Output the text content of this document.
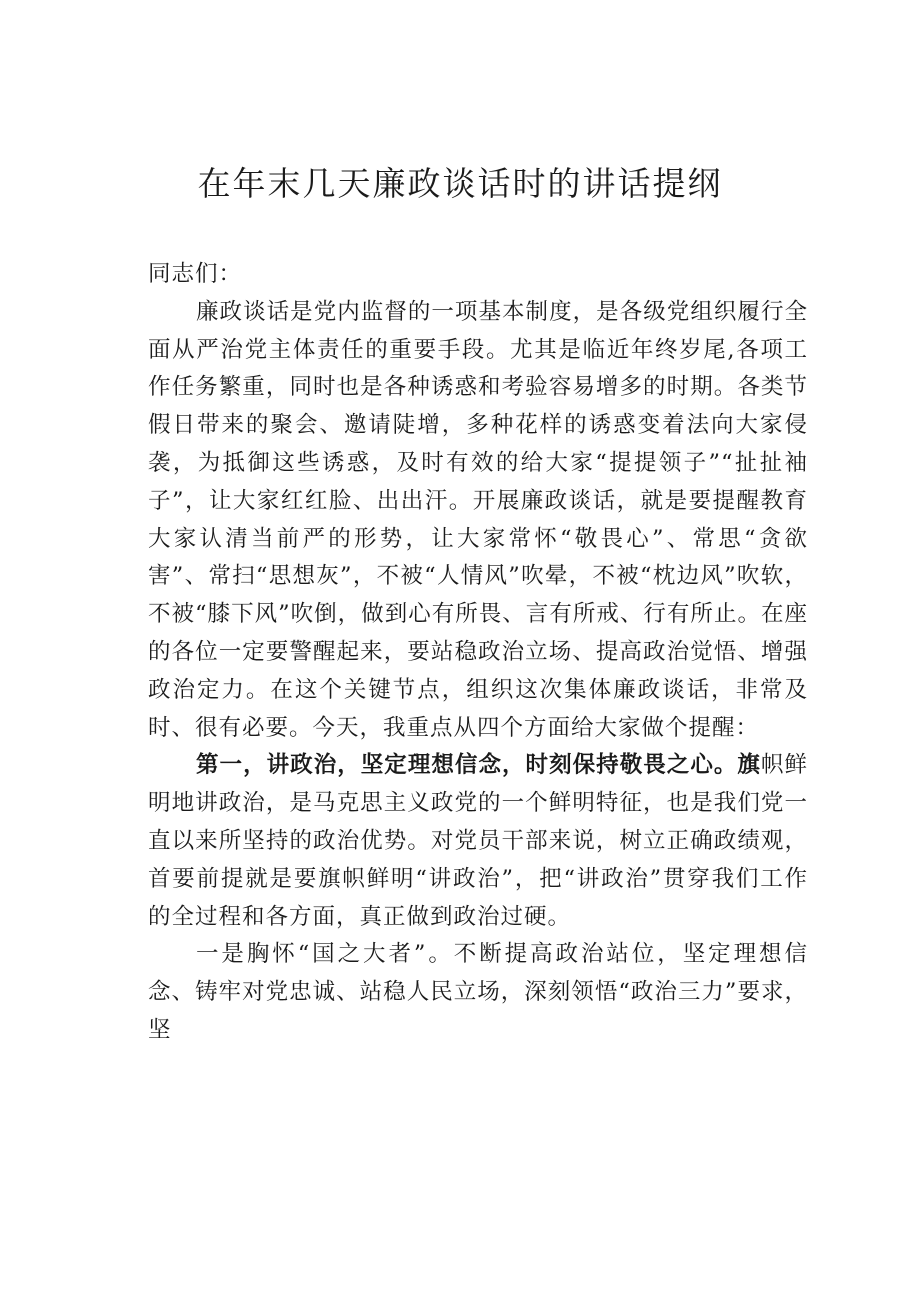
在年末几天廉政谈话时的讲话提纲

同志们：

廉政谈话是党内监督的一项基本制度，是各级党组织履行全面从严治党主体责任的重要手段。尤其是临近年终岁尾,各项工作任务繁重，同时也是各种诱惑和考验容易增多的时期。各类节假日带来的聚会、邀请陡增，多种花样的诱惑变着法向大家侵袭，为抵御这些诱惑，及时有效的给大家“提提领子”“扯扯袖子”，让大家红红脸、出出汗。开展廉政谈话，就是要提醒教育大家认清当前严的形势，让大家常怀“敬畏心”、常思“贪欲害”、常扫“思想灰”，不被“人情风”吹晕，不被“枕边风”吹软，不被“膝下风”吹倒，做到心有所畏、言有所戒、行有所止。在座的各位一定要警醒起来，要站稳政治立场、提高政治觉悟、增强政治定力。在这个关键节点，组织这次集体廉政谈话，非常及时、很有必要。今天，我重点从四个方面给大家做个提醒：

第一，讲政治，坚定理想信念，时刻保持敬畏之心。旗帜鲜明地讲政治，是马克思主义政党的一个鲜明特征，也是我们党一直以来所坚持的政治优势。对党员干部来说，树立正确政绩观，首要前提就是要旗帜鲜明“讲政治”，把“讲政治”贯穿我们工作的全过程和各方面，真正做到政治过硬。

一是胸怀“国之大者”。不断提高政治站位，坚定理想信念、铸牢对党忠诚、站稳人民立场，深刻领悟“政治三力”要求，坚
